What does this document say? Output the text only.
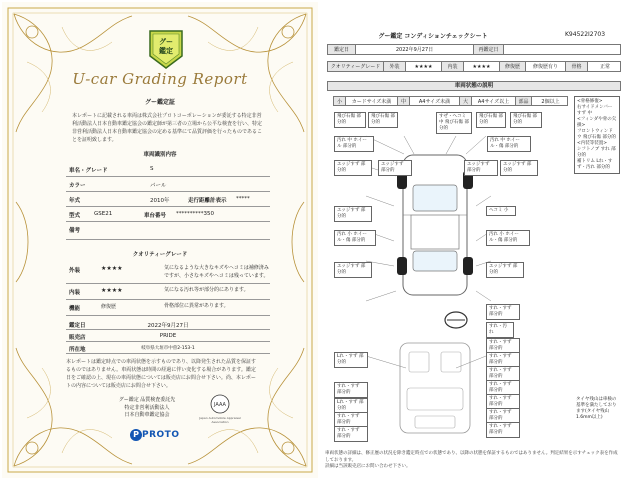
グー
鑑定
U-car Grading Report
グー鑑定証
本レポートに記載される車両は株式会社プロトコーポレーションが委託する特定非営利活動法人日本自動車鑑定協会の鑑定師が第三者の立場から公平な検査を行い、特定非営利活動法人日本自動車鑑定協会の定める基準にて品質評価を行ったものであることを証明致します。
車両識別内容
車名・グレード	S
カラー	パール
年式	2010年	走行距離計表示 *****
型式	GSE21	車台番号 **********350
備考
クオリティーグレード
外装	★★★★	気になるような大きなキズやヘコミは補修済みですが、小さなキズやヘコミは残っています。
内装	★★★★	気になる汚れ等が部分的にあります。
機能	修復歴	骨格部位に異常があります。
鑑定日	2022年9月27日
販売店	PRIDE
所在地	岐阜県大垣市中曽2-153-1
本レポートは鑑定時点での車両状態を示すものであり、以降発生された品質を保証するものではありません。車両状態は時間の経過に伴い変化する場合があります。鑑定日をご確認の上、現在の車両状態については販売店にお問合せ下さい。尚、本レポートの内容については販売店にお問合せ下さい。
グー鑑定 品質検査委託先
特定非営利活動法人
日本自動車鑑定協会
JAAA
Japan Automobile Appraisal Association
P PROTO
グー鑑定 コンディションチェックシート	K94522I2703
鑑定日	2022年9月27日	再鑑定日
クオリティーグレード	外装	★★★★	内装	★★★★	修復歴	修復歴有り	骨格	正常
車両状態の説明
小	カードサイズ未満	中	A4サイズ未満	大	A4サイズ以上	部品	2個以上
飛び石傷 部分的
飛び石傷 部分的
すぜ・ヘコミ 中 飛び石傷 部分的
飛び石傷 部分的
飛び石傷 部分的
汚れ 中 ホイール 部分的
汚れ 中 ホイール・傷 部分的
エッジすず 部分的
エッジすず 部分的
エッジすず 部分的
エッジすず 部分的
エッジすず 部分的
ヘコミ 小
汚れ 小 ホイール・傷 部分的
汚れ 小 ホイール・傷 部分的
エッジすず 部分的
エッジすず 部分的
すれ・すず 部分的
すれ・汚れ
すれ・すず 部分的
すれ・すず 部分的
Lれ・すず 部分的
すれ・すず 部分的
すれ・すず 部分的
すれ・すず 部分的
Lれ・すず 部分的
すれ・すず 部分的
すれ・すず 部分的
すれ・すず 部分的
すれ・すず 部分的
すれ・すず 部分的
<骨格修復>
右サイドメンバー すず 中
<フィンダや骨の欠損>
フロントウィンドウ 飛び石傷 部分的
<内装等装置>
シフトノブ すれ 部分的
補トリム Lれ・すず・汚れ 部分的
タイヤ残山は車検の基準を満たしております(タイヤ残山1.6mm以上)
車両状態の詳細は、修正歴の状況を除き鑑定時点での状態であり、以降の状態を保証するものではありません。判定結果を示すチェック表を作成しております。
詳細は当該販売店にお問い合わせ下さい。
